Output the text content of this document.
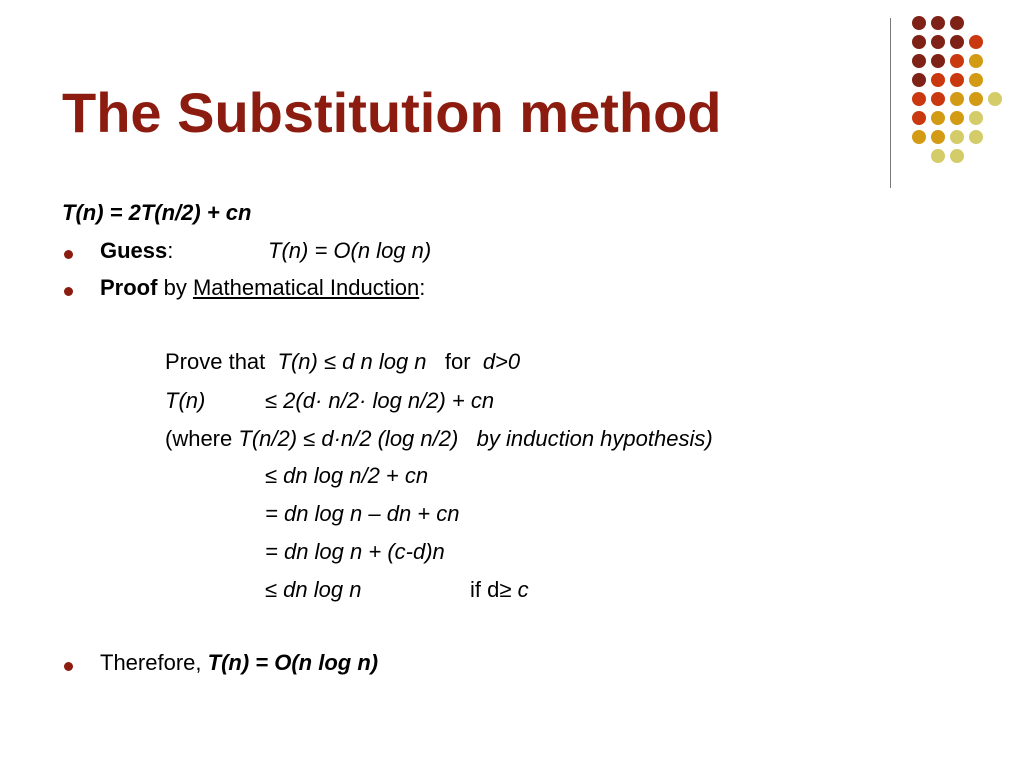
The Substitution method
T(n) = 2T(n/2) + cn
Guess:	T(n) = O(n log n)
Proof by Mathematical Induction:
Prove that T(n) ≤ d n log n for d>0
T(n)	≤ 2(d· n/2· log n/2) + cn
(where T(n/2) ≤ d·n/2 (log n/2) by induction hypothesis)
≤ dn log n/2 + cn
= dn log n – dn + cn
= dn log n + (c-d)n
≤ dn log n	if d≥ c
Therefore, T(n) = O(n log n)
